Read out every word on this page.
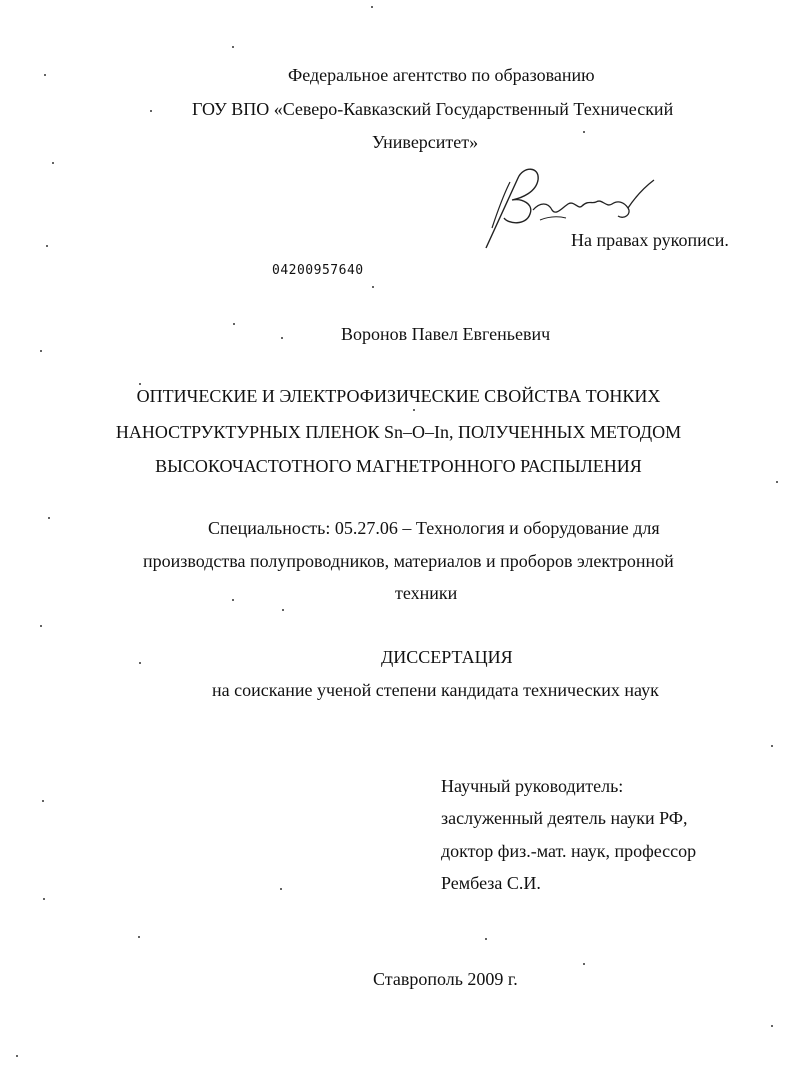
Федеральное агентство по образованию
ГОУ ВПО «Северо-Кавказский Государственный Технический
Университет»
На правах рукописи.
04200957640
Воронов Павел Евгеньевич
ОПТИЧЕСКИЕ И ЭЛЕКТРОФИЗИЧЕСКИЕ СВОЙСТВА ТОНКИХ
НАНОСТРУКТУРНЫХ ПЛЕНОК Sn–O–In, ПОЛУЧЕННЫХ МЕТОДОМ
ВЫСОКОЧАСТОТНОГО МАГНЕТРОННОГО РАСПЫЛЕНИЯ
Специальность: 05.27.06 – Технология и оборудование для
производства полупроводников, материалов и проборов электронной
техники
ДИССЕРТАЦИЯ
на соискание ученой степени кандидата технических наук
Научный руководитель:
заслуженный деятель науки РФ,
доктор физ.-мат. наук, профессор
Рембеза С.И.
Ставрополь 2009 г.
